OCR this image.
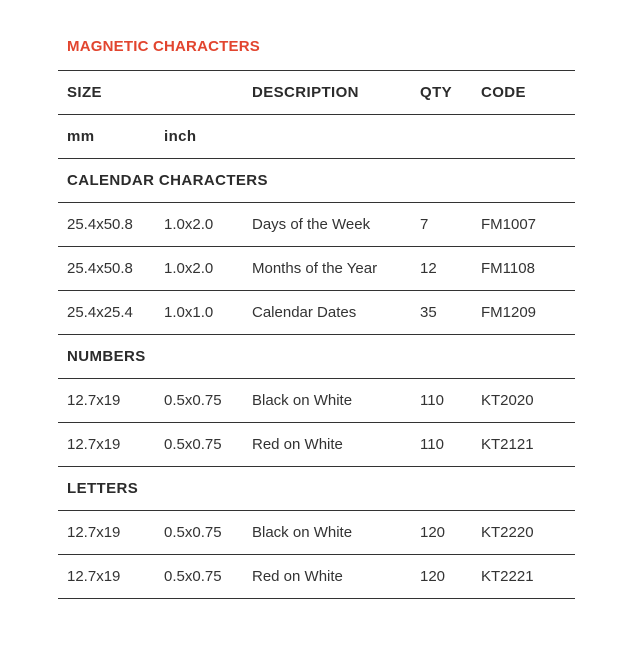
MAGNETIC CHARACTERS
SIZE	DESCRIPTION	QTY CODE
mm	inch
CALENDAR CHARACTERS
25.4x50.8 1.0x2.0	Days of the Week	7	FM1007
25.4x50.8 1.0x2.0	Months of the Year	12	FM1108
25.4x25.4 1.0x1.0	Calendar Dates	35	FM1209
NUMBERS
12.7x19	0.5x0.75 Black on White	110 KT2020
12.7x19	0.5x0.75 Red on White	110 KT2121
LETTERS
12.7x19	0.5x0.75 Black on White	120 KT2220
12.7x19	0.5x0.75 Red on White	120 KT2221
